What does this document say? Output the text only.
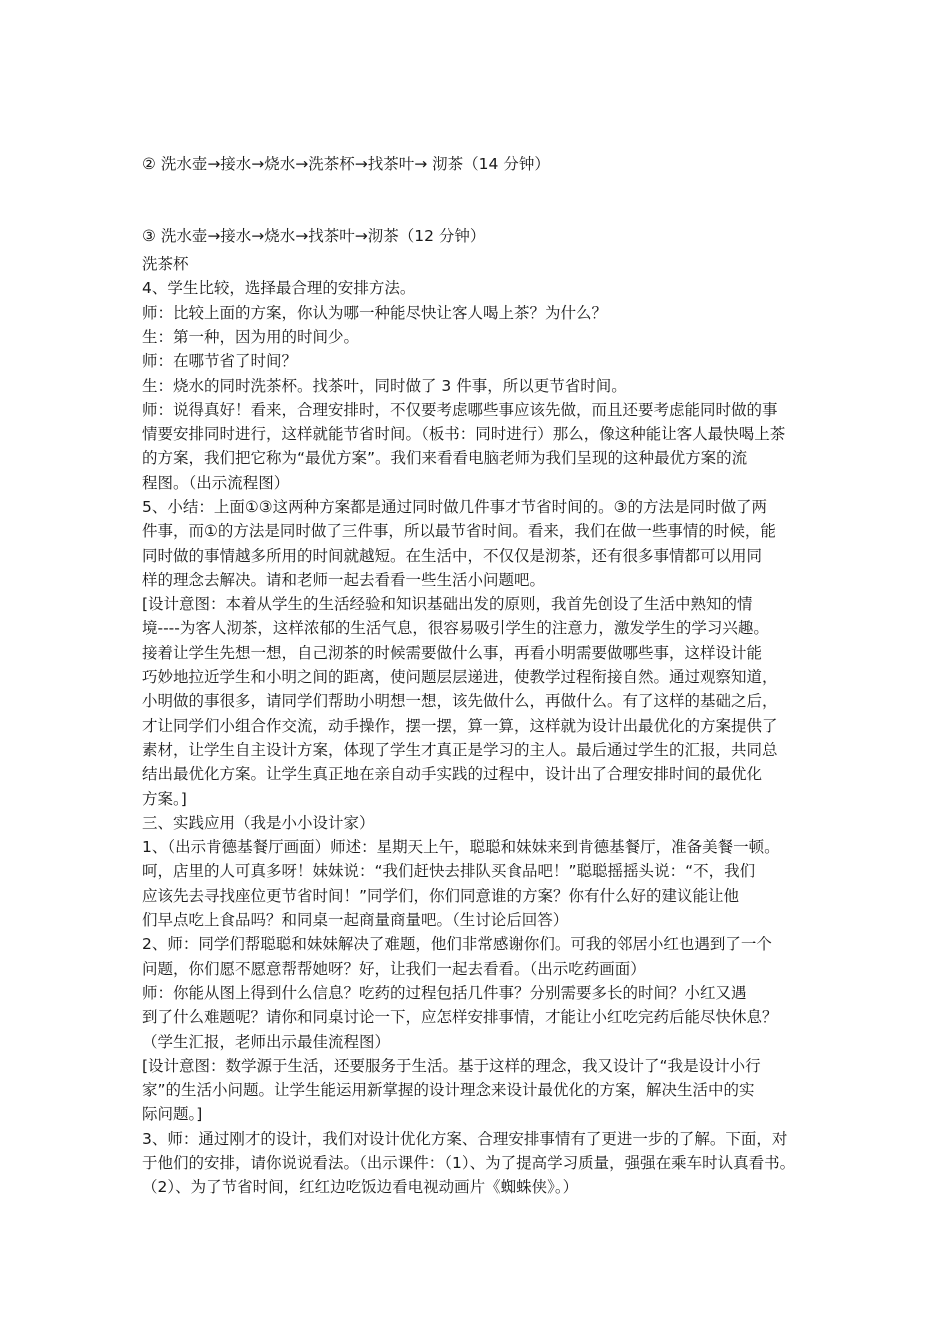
② 洗水壶→接水→烧水→洗茶杯→找茶叶→ 沏茶（14 分钟）
③ 洗水壶→接水→烧水→找茶叶→沏茶（12 分钟）
洗茶杯
4、学生比较，选择最合理的安排方法。
师：比较上面的方案，你认为哪一种能尽快让客人喝上茶？为什么？
生：第一种，因为用的时间少。
师：在哪节省了时间？
生：烧水的同时洗茶杯。找茶叶，同时做了 3 件事，所以更节省时间。
师：说得真好！看来，合理安排时，不仅要考虑哪些事应该先做，而且还要考虑能同时做的事
情要安排同时进行，这样就能节省时间。（板书：同时进行）那么，像这种能让客人最快喝上茶
的方案，我们把它称为“最优方案”。我们来看看电脑老师为我们呈现的这种最优方案的流
程图。（出示流程图）
5、小结：上面①③这两种方案都是通过同时做几件事才节省时间的。③的方法是同时做了两
件事，而①的方法是同时做了三件事，所以最节省时间。看来，我们在做一些事情的时候，能
同时做的事情越多所用的时间就越短。在生活中，不仅仅是沏茶，还有很多事情都可以用同
样的理念去解决。请和老师一起去看看一些生活小问题吧。
[设计意图：本着从学生的生活经验和知识基础出发的原则，我首先创设了生活中熟知的情
境----为客人沏茶，这样浓郁的生活气息，很容易吸引学生的注意力，激发学生的学习兴趣。
接着让学生先想一想，自己沏茶的时候需要做什么事，再看小明需要做哪些事，这样设计能
巧妙地拉近学生和小明之间的距离，使问题层层递进，使教学过程衔接自然。通过观察知道，
小明做的事很多，请同学们帮助小明想一想，该先做什么，再做什么。有了这样的基础之后，
才让同学们小组合作交流，动手操作，摆一摆，算一算，这样就为设计出最优化的方案提供了
素材，让学生自主设计方案，体现了学生才真正是学习的主人。最后通过学生的汇报，共同总
结出最优化方案。让学生真正地在亲自动手实践的过程中，设计出了合理安排时间的最优化
方案。]
三、实践应用（我是小小设计家）
1、（出示肯德基餐厅画面）师述：星期天上午，聪聪和妹妹来到肯德基餐厅，准备美餐一顿。
呵，店里的人可真多呀！妹妹说：“我们赶快去排队买食品吧！”聪聪摇摇头说：“不，我们
应该先去寻找座位更节省时间！”同学们，你们同意谁的方案？你有什么好的建议能让他
们早点吃上食品吗？和同桌一起商量商量吧。（生讨论后回答）
2、师：同学们帮聪聪和妹妹解决了难题，他们非常感谢你们。可我的邻居小红也遇到了一个
问题，你们愿不愿意帮帮她呀？好，让我们一起去看看。（出示吃药画面）
师：你能从图上得到什么信息？吃药的过程包括几件事？分别需要多长的时间？小红又遇
到了什么难题呢？请你和同桌讨论一下，应怎样安排事情，才能让小红吃完药后能尽快休息？
（学生汇报，老师出示最佳流程图）
[设计意图：数学源于生活，还要服务于生活。基于这样的理念，我又设计了“我是设计小行
家”的生活小问题。让学生能运用新掌握的设计理念来设计最优化的方案，解决生活中的实
际问题。]
3、师：通过刚才的设计，我们对设计优化方案、合理安排事情有了更进一步的了解。下面，对
于他们的安排，请你说说看法。（出示课件：（1）、为了提高学习质量，强强在乘车时认真看书。
（2）、为了节省时间，红红边吃饭边看电视动画片《蜘蛛侠》。）
